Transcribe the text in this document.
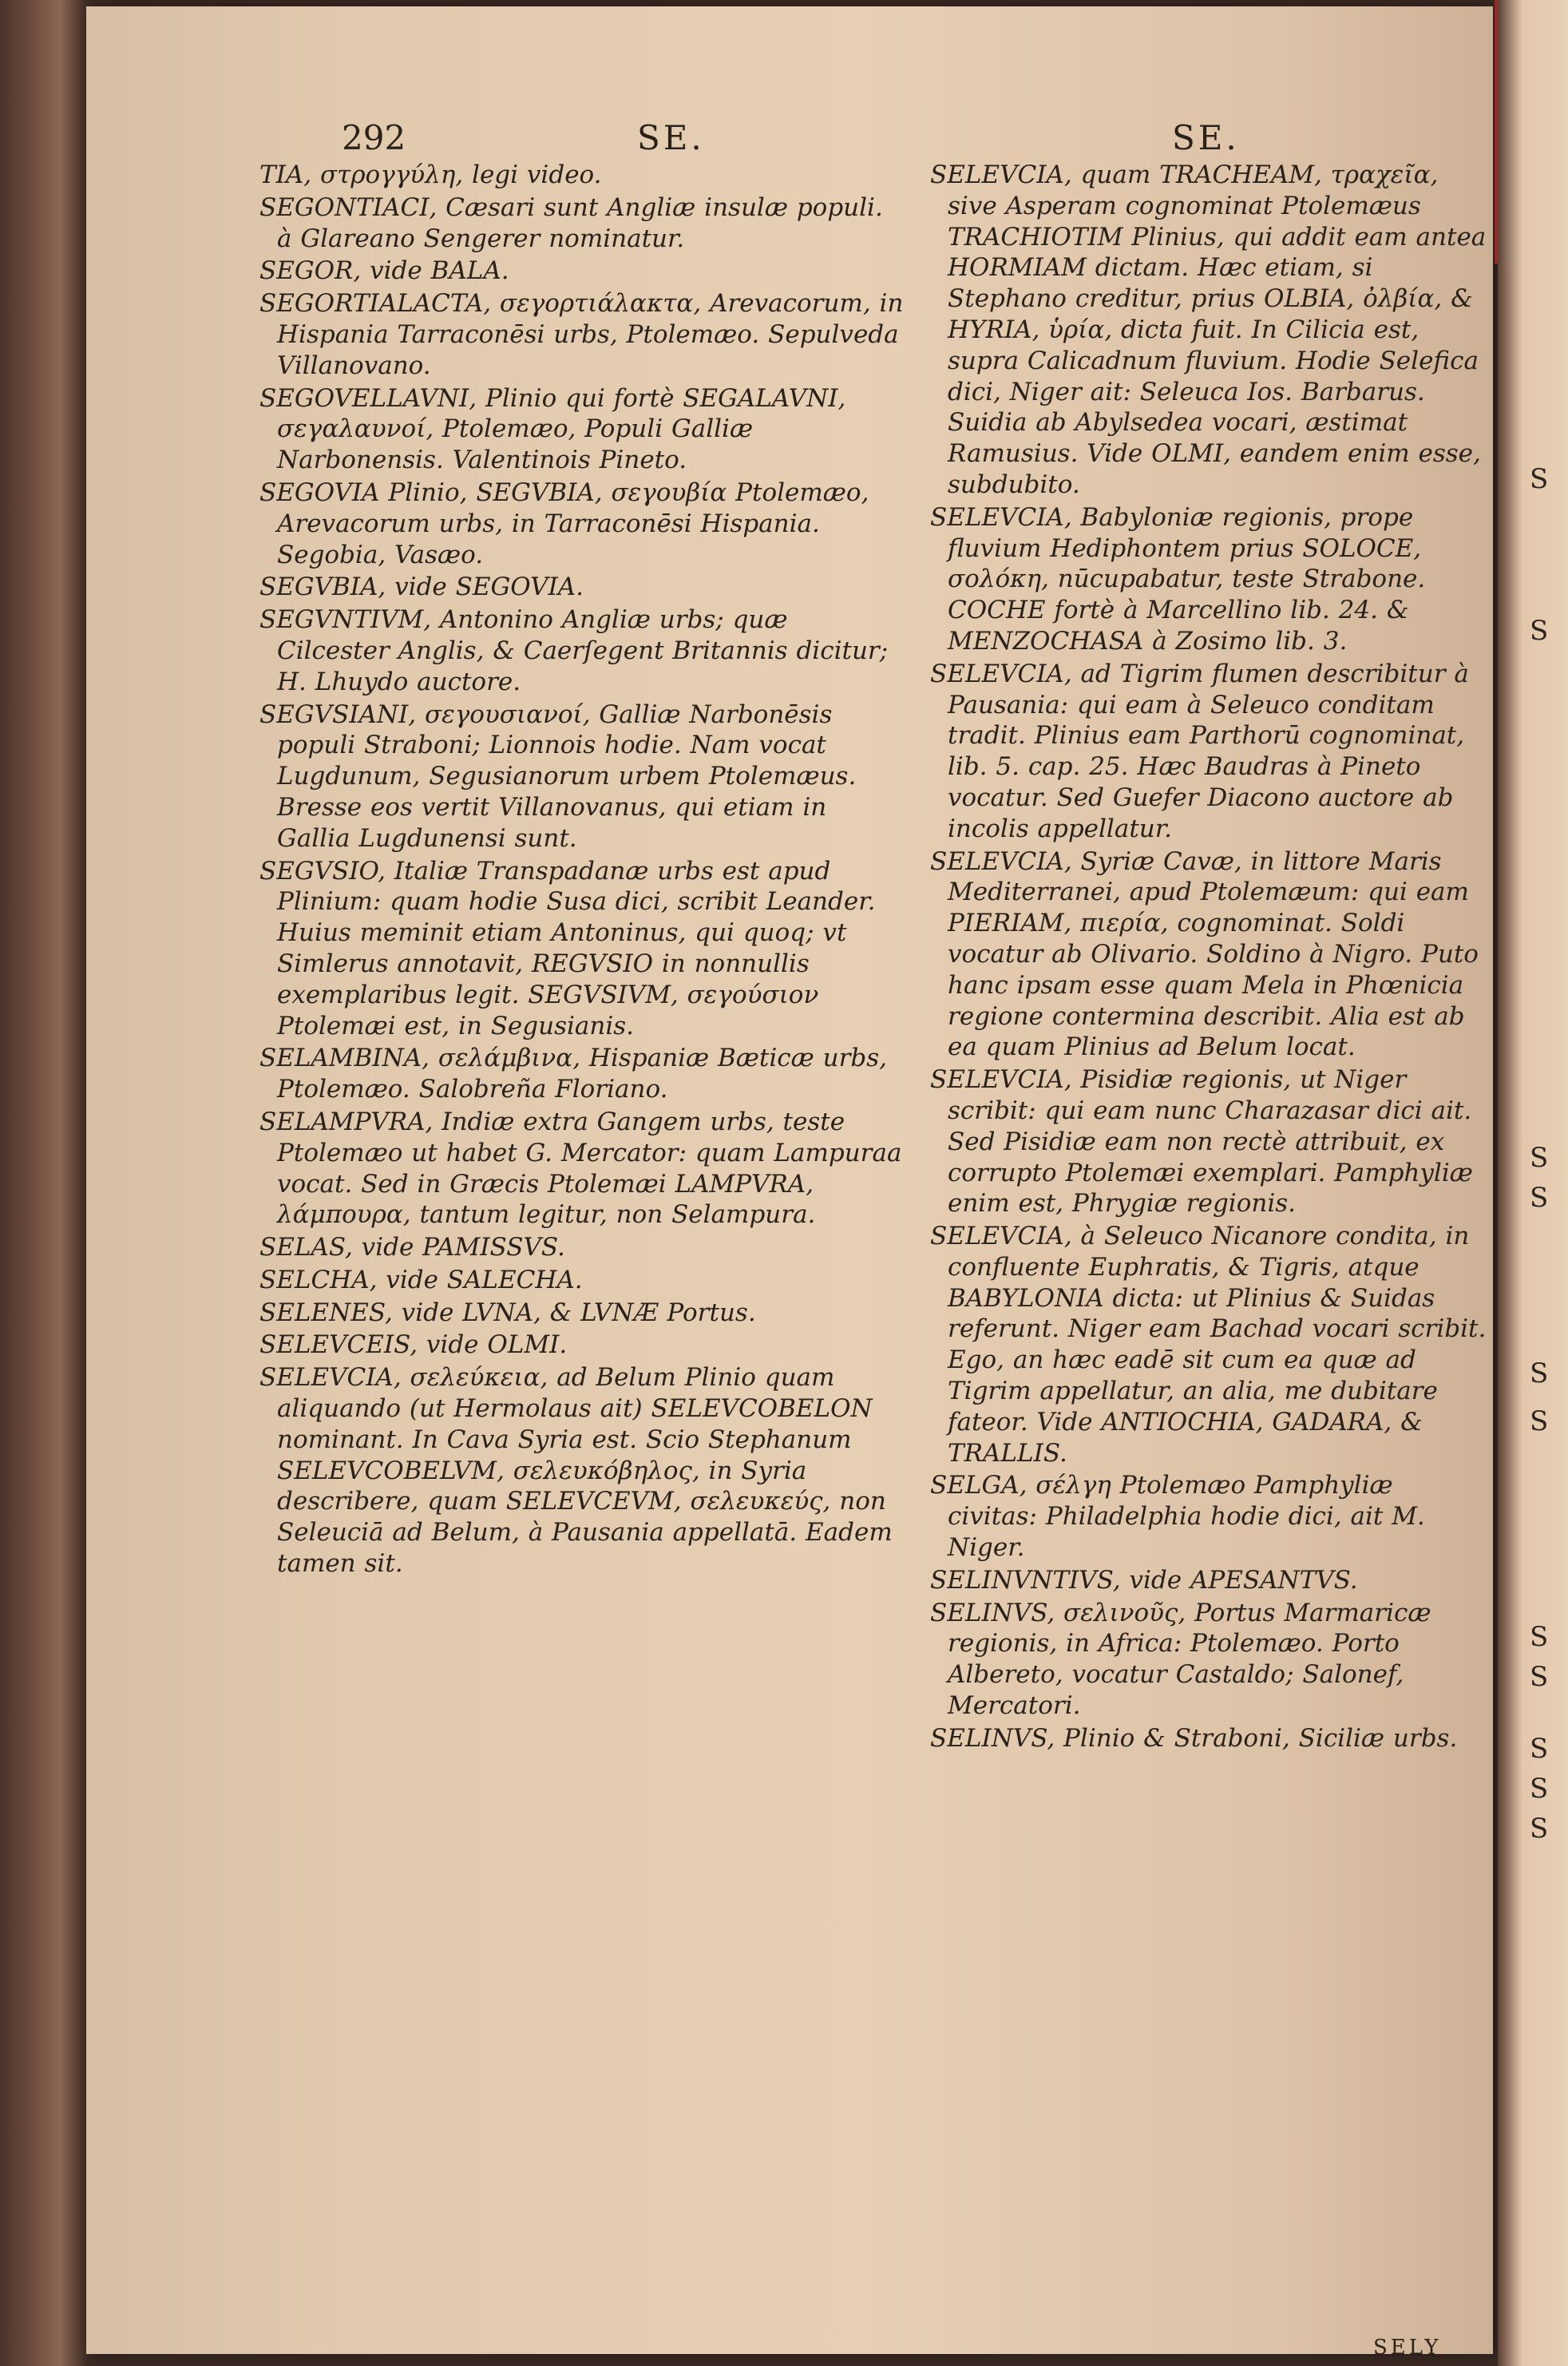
292	SE.	SE.

TIA, στρογγύλη, legi video.

SEGONTIACI, Cæsari sunt Angliæ insulæ populi. à Glareano Sengerer nominatur.

SEGOR, vide BALA.

SEGORTIALACTA, σεγορτιάλακτα, Arevacorum, in Hispania Tarraconēsi urbs, Ptolemæo. Sepulveda Villanovano.

SEGOVELLAVNI, Plinio qui fortè SEGALAVNI, σεγαλαυνοί, Ptolemæo, Populi Galliæ Narbonensis. Valentinois Pineto.

SEGOVIA Plinio, SEGVBIA, σεγουβία Ptolemæo, Arevacorum urbs, in Tarraconēsi Hispania. Segobia, Vasæo.

SEGVBIA, vide SEGOVIA.

SEGVNTIVM, Antonino Angliæ urbs; quæ Cilcester Anglis, & Caerſegent Britannis dicitur; H. Lhuydo auctore.

SEGVSIANI, σεγουσιανοί, Galliæ Narbonēsis populi Straboni; Lionnois hodie. Nam vocat Lugdunum, Segusianorum urbem Ptolemæus. Bresse eos vertit Villanovanus, qui etiam in Gallia Lugdunensi sunt.

SEGVSIO, Italiæ Transpadanæ urbs est apud Plinium: quam hodie Susa dici, scribit Leander. Huius meminit etiam Antoninus, qui quoq; vt Simlerus annotavit, REGVSIO in nonnullis exemplaribus legit. SEGVSIVM, σεγούσιον Ptolemæi est, in Segusianis.

SELAMBINA, σελάμβινα, Hispaniæ Bæticæ urbs, Ptolemæo. Salobreña Floriano.

SELAMPVRA, Indiæ extra Gangem urbs, teste Ptolemæo ut habet G. Mercator: quam Lampuraa vocat. Sed in Græcis Ptolemæi LAMPVRA, λάμπουρα, tantum legitur, non Selampura.

SELAS, vide PAMISSVS.

SELCHA, vide SALECHA.

SELENES, vide LVNA, & LVNÆ Portus.

SELEVCEIS, vide OLMI.

SELEVCIA, σελεύκεια, ad Belum Plinio quam aliquando (ut Hermolaus ait) SELEVCOBELON nominant. In Cava Syria est. Scio Stephanum SELEVCOBELVM, σελευκόβηλος, in Syria describere, quam SELEVCEVM, σελευκεύς, non Seleuciā ad Belum, à Pausania appellatā. Eadem tamen sit.

SELEVCIA, quam TRACHEAM, τραχεῖα, sive Asperam cognominat Ptolemæus TRACHIOTIM Plinius, qui addit eam antea HORMIAM dictam. Hæc etiam, si Stephano creditur, prius OLBIA, ὀλβία, & HYRIA, ὑρία, dicta fuit. In Cilicia est, supra Calicadnum fluvium. Hodie Selefica dici, Niger ait: Seleuca Ios. Barbarus. Suidia ab Abylsedea vocari, æstimat Ramusius. Vide OLMI, eandem enim esse, subdubito.

SELEVCIA, Babyloniæ regionis, prope fluvium Hediphontem prius SOLOCE, σολόκη, nūcupabatur, teste Strabone. COCHE fortè à Marcellino lib. 24. & MENZOCHASA à Zosimo lib. 3.

SELEVCIA, ad Tigrim flumen describitur à Pausania: qui eam à Seleuco conditam tradit. Plinius eam Parthorū cognominat, lib. 5. cap. 25. Hæc Baudras à Pineto vocatur. Sed Guefer Diacono auctore ab incolis appellatur.

SELEVCIA, Syriæ Cavæ, in littore Maris Mediterranei, apud Ptolemæum: qui eam PIERIAM, πιερία, cognominat. Soldi vocatur ab Olivario. Soldino à Nigro. Puto hanc ipsam esse quam Mela in Phœnicia regione contermina describit. Alia est ab ea quam Plinius ad Belum locat.

SELEVCIA, Pisidiæ regionis, ut Niger scribit: qui eam nunc Charazasar dici ait. Sed Pisidiæ eam non rectè attribuit, ex corrupto Ptolemæi exemplari. Pamphyliæ enim est, Phrygiæ regionis.

SELEVCIA, à Seleuco Nicanore condita, in confluente Euphratis, & Tigris, atque BABYLONIA dicta: ut Plinius & Suidas referunt. Niger eam Bachad vocari scribit. Ego, an hæc eadē sit cum ea quæ ad Tigrim appellatur, an alia, me dubitare fateor. Vide ANTIOCHIA, GADARA, & TRALLIS.

SELGA, σέλγη Ptolemæo Pamphyliæ civitas: Philadelphia hodie dici, ait M. Niger.

SELINVNTIVS, vide APESANTVS.

SELINVS, σελινοῦς, Portus Marmaricæ regionis, in Africa: Ptolemæo. Porto Albereto, vocatur Castaldo; Salonef, Mercatori.

SELINVS, Plinio & Straboni, Siciliæ urbs.

SELY
S
S
S
S
S
S
S
S
S
S
S
